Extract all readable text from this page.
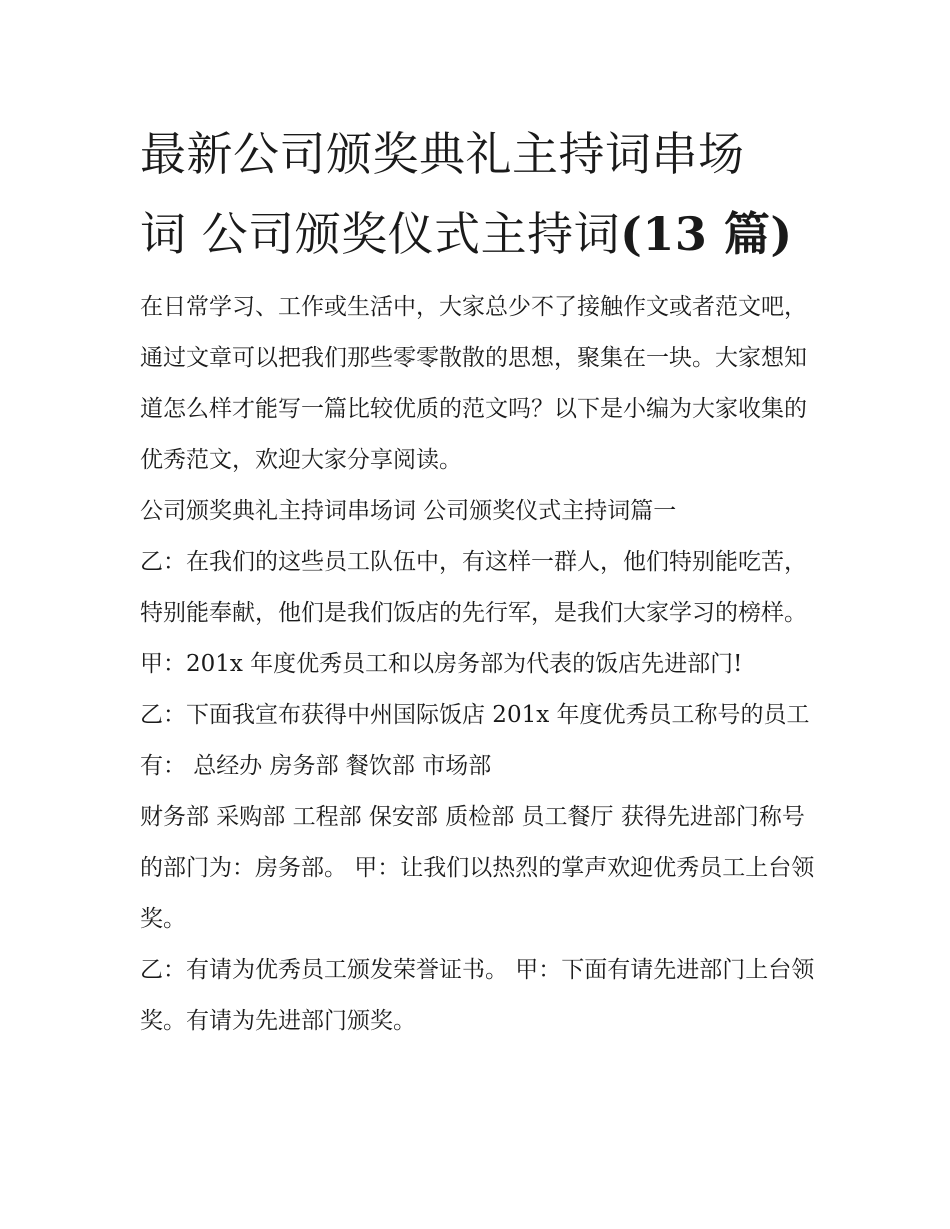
最新公司颁奖典礼主持词串场
词 公司颁奖仪式主持词(13 篇)

在日常学习、工作或生活中，大家总少不了接触作文或者范文吧，通过文章可以把我们那些零零散散的思想，聚集在一块。大家想知道怎么样才能写一篇比较优质的范文吗？以下是小编为大家收集的优秀范文，欢迎大家分享阅读。

公司颁奖典礼主持词串场词 公司颁奖仪式主持词篇一

乙：在我们的这些员工队伍中，有这样一群人，他们特别能吃苦，特别能奉献，他们是我们饭店的先行军，是我们大家学习的榜样。

甲：201x 年度优秀员工和以房务部为代表的饭店先进部门!

乙：下面我宣布获得中州国际饭店 201x 年度优秀员工称号的员工有： 总经办 房务部 餐饮部 市场部

财务部 采购部 工程部 保安部 质检部 员工餐厅 获得先进部门称号的部门为：房务部。 甲：让我们以热烈的掌声欢迎优秀员工上台领奖。

乙：有请为优秀员工颁发荣誉证书。 甲：下面有请先进部门上台领奖。有请为先进部门颁奖。
